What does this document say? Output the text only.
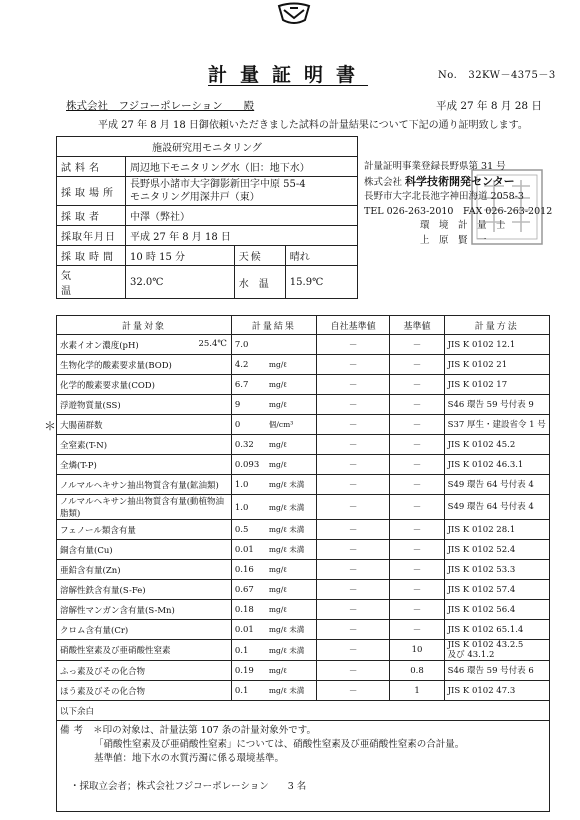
計量証明書	No. 32KW－4375－3
株式会社　フジコーポレーション　　殿	平成 27 年 8 月 28 日
平成 27 年 8 月 18 日御依頼いただきました試料の計量結果について下記の通り証明致します。
施設研究用モニタリング			
試料名	周辺地下モニタリング水（旧：地下水）		
採取場所	長野県小諸市大字御影新田字中原 55-4
モニタリング用深井戸（東）		
採取者	中澤（弊社）		
採取年月日	平成 27 年 8 月 18 日		
採取時間	10 時 15 分	天候	晴れ
気温	32.0℃	水温	15.9℃
計量証明事業登録長野県第 31 号
株式会社 科学技術開発センター
長野市大字北長池字神田海道 2058-3
TEL 026-263-2010　FAX 026-263-2012
環　境　計　量　士
上　原　賢　一
計量対象	計量結果	自社基準値	基準値	計量方法
水素イオン濃度(pH) 25.4℃	7.0	－	－	JIS K 0102 12.1
生物化学的酸素要求量(BOD)	4.2 mg/ℓ	－	－	JIS K 0102 21
化学的酸素要求量(COD)	6.7 mg/ℓ	－	－	JIS K 0102 17
浮遊物質量(SS)	9 mg/ℓ	－	－	S46 環告 59 号付表 9
大腸菌群数	0 個/cm³	－	－	S37 厚生・建設省令 1 号
全窒素(T-N)	0.32 mg/ℓ	－	－	JIS K 0102 45.2
全燐(T-P)	0.093 mg/ℓ	－	－	JIS K 0102 46.3.1
ノルマルヘキサン抽出物質含有量(鉱油類)	1.0 mg/ℓ 未満	－	－	S49 環告 64 号付表 4
ノルマルヘキサン抽出物質含有量(動植物油脂類)	1.0 mg/ℓ 未満	－	－	S49 環告 64 号付表 4
フェノール類含有量	0.5 mg/ℓ 未満	－	－	JIS K 0102 28.1
銅含有量(Cu)	0.01 mg/ℓ 未満	－	－	JIS K 0102 52.4
亜鉛含有量(Zn)	0.16 mg/ℓ	－	－	JIS K 0102 53.3
溶解性鉄含有量(S-Fe)	0.67 mg/ℓ	－	－	JIS K 0102 57.4
溶解性マンガン含有量(S-Mn)	0.18 mg/ℓ	－	－	JIS K 0102 56.4
クロム含有量(Cr)	0.01 mg/ℓ 未満	－	－	JIS K 0102 65.1.4
硝酸性窒素及び亜硝酸性窒素	0.1 mg/ℓ 未満	－	10	JIS K 0102 43.2.5
及び 43.1.2
ふっ素及びその化合物	0.19 mg/ℓ	－	0.8	S46 環告 59 号付表 6
ほう素及びその化合物	0.1 mg/ℓ 未満	－	1	JIS K 0102 47.3
以下余白				
備考 ＊印の対象は、計量法第 107 条の計量対象外です。
「硝酸性窒素及び亜硝酸性窒素」については、硝酸性窒素及び亜硝酸性窒素の合計量。
基準値：地下水の水質汚濁に係る環境基準。

・採取立会者；株式会社フジコーポレーション　　3 名				

＊
